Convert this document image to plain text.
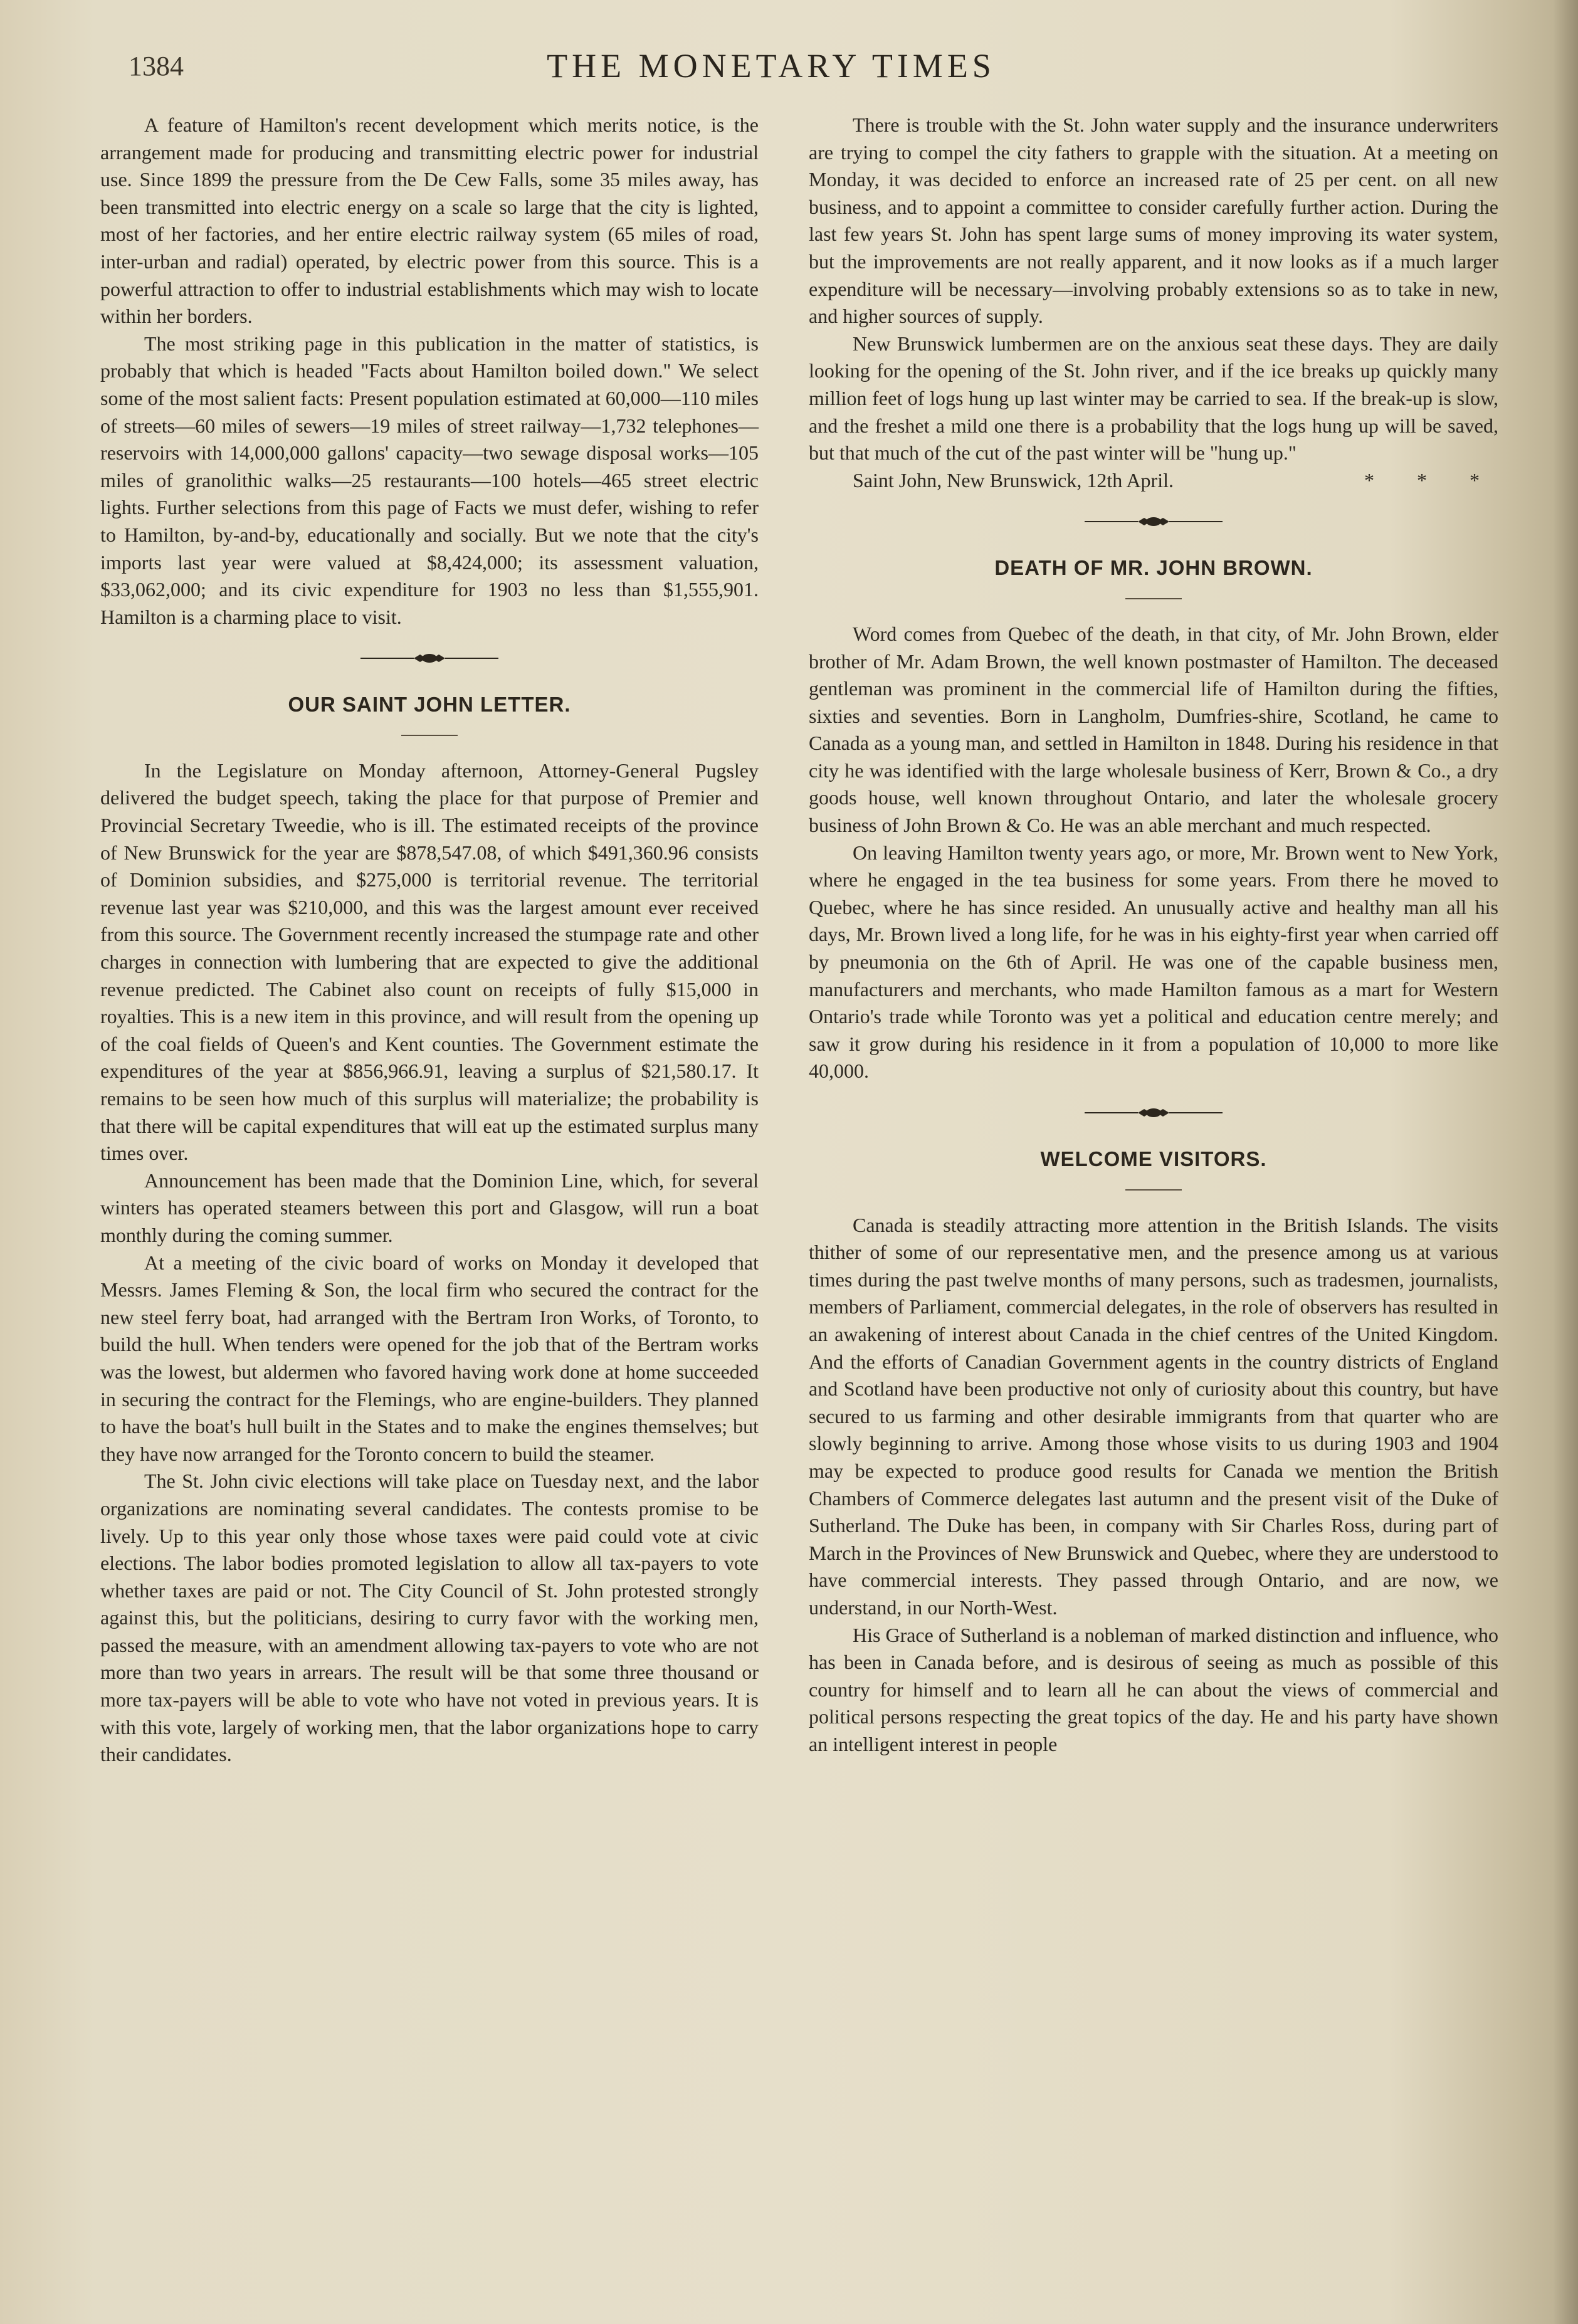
1384	THE MONETARY TIMES

A feature of Hamilton's recent development which merits notice, is the arrangement made for producing and transmitting electric power for industrial use. Since 1899 the pressure from the De Cew Falls, some 35 miles away, has been transmitted into electric energy on a scale so large that the city is lighted, most of her factories, and her entire electric railway system (65 miles of road, inter-urban and radial) operated, by electric power from this source. This is a powerful attraction to offer to industrial establishments which may wish to locate within her borders.

The most striking page in this publication in the matter of statistics, is probably that which is headed "Facts about Hamilton boiled down." We select some of the most salient facts: Present population estimated at 60,000—110 miles of streets—60 miles of sewers—19 miles of street railway—1,732 telephones—reservoirs with 14,000,000 gallons' capacity—two sewage disposal works—105 miles of granolithic walks—25 restaurants—100 hotels—465 street electric lights. Further selections from this page of Facts we must defer, wishing to refer to Hamilton, by-and-by, educationally and socially. But we note that the city's imports last year were valued at $8,424,000; its assessment valuation, $33,062,000; and its civic expenditure for 1903 no less than $1,555,901. Hamilton is a charming place to visit.

OUR SAINT JOHN LETTER.

In the Legislature on Monday afternoon, Attorney-General Pugsley delivered the budget speech, taking the place for that purpose of Premier and Provincial Secretary Tweedie, who is ill. The estimated receipts of the province of New Brunswick for the year are $878,547.08, of which $491,360.96 consists of Dominion subsidies, and $275,000 is territorial revenue. The territorial revenue last year was $210,000, and this was the largest amount ever received from this source. The Government recently increased the stumpage rate and other charges in connection with lumbering that are expected to give the additional revenue predicted. The Cabinet also count on receipts of fully $15,000 in royalties. This is a new item in this province, and will result from the opening up of the coal fields of Queen's and Kent counties. The Government estimate the expenditures of the year at $856,966.91, leaving a surplus of $21,580.17. It remains to be seen how much of this surplus will materialize; the probability is that there will be capital expenditures that will eat up the estimated surplus many times over.

Announcement has been made that the Dominion Line, which, for several winters has operated steamers between this port and Glasgow, will run a boat monthly during the coming summer.

At a meeting of the civic board of works on Monday it developed that Messrs. James Fleming & Son, the local firm who secured the contract for the new steel ferry boat, had arranged with the Bertram Iron Works, of Toronto, to build the hull. When tenders were opened for the job that of the Bertram works was the lowest, but aldermen who favored having work done at home succeeded in securing the contract for the Flemings, who are engine-builders. They planned to have the boat's hull built in the States and to make the engines themselves; but they have now arranged for the Toronto concern to build the steamer.

The St. John civic elections will take place on Tuesday next, and the labor organizations are nominating several candidates. The contests promise to be lively. Up to this year only those whose taxes were paid could vote at civic elections. The labor bodies promoted legislation to allow all tax-payers to vote whether taxes are paid or not. The City Council of St. John protested strongly against this, but the politicians, desiring to curry favor with the working men, passed the measure, with an amendment allowing tax-payers to vote who are not more than two years in arrears. The result will be that some three thousand or more tax-payers will be able to vote who have not voted in previous years. It is with this vote, largely of working men, that the labor organizations hope to carry their candidates.

There is trouble with the St. John water supply and the insurance underwriters are trying to compel the city fathers to grapple with the situation. At a meeting on Monday, it was decided to enforce an increased rate of 25 per cent. on all new business, and to appoint a committee to consider carefully further action. During the last few years St. John has spent large sums of money improving its water system, but the improvements are not really apparent, and it now looks as if a much larger expenditure will be necessary—involving probably extensions so as to take in new, and higher sources of supply.

New Brunswick lumbermen are on the anxious seat these days. They are daily looking for the opening of the St. John river, and if the ice breaks up quickly many million feet of logs hung up last winter may be carried to sea. If the break-up is slow, and the freshet a mild one there is a probability that the logs hung up will be saved, but that much of the cut of the past winter will be "hung up."

Saint John, New Brunswick, 12th April.	* * *

DEATH OF MR. JOHN BROWN.

Word comes from Quebec of the death, in that city, of Mr. John Brown, elder brother of Mr. Adam Brown, the well known postmaster of Hamilton. The deceased gentleman was prominent in the commercial life of Hamilton during the fifties, sixties and seventies. Born in Langholm, Dumfries-shire, Scotland, he came to Canada as a young man, and settled in Hamilton in 1848. During his residence in that city he was identified with the large wholesale business of Kerr, Brown & Co., a dry goods house, well known throughout Ontario, and later the wholesale grocery business of John Brown & Co. He was an able merchant and much respected.

On leaving Hamilton twenty years ago, or more, Mr. Brown went to New York, where he engaged in the tea business for some years. From there he moved to Quebec, where he has since resided. An unusually active and healthy man all his days, Mr. Brown lived a long life, for he was in his eighty-first year when carried off by pneumonia on the 6th of April. He was one of the capable business men, manufacturers and merchants, who made Hamilton famous as a mart for Western Ontario's trade while Toronto was yet a political and education centre merely; and saw it grow during his residence in it from a population of 10,000 to more like 40,000.

WELCOME VISITORS.

Canada is steadily attracting more attention in the British Islands. The visits thither of some of our representative men, and the presence among us at various times during the past twelve months of many persons, such as tradesmen, journalists, members of Parliament, commercial delegates, in the role of observers has resulted in an awakening of interest about Canada in the chief centres of the United Kingdom. And the efforts of Canadian Government agents in the country districts of England and Scotland have been productive not only of curiosity about this country, but have secured to us farming and other desirable immigrants from that quarter who are slowly beginning to arrive. Among those whose visits to us during 1903 and 1904 may be expected to produce good results for Canada we mention the British Chambers of Commerce delegates last autumn and the present visit of the Duke of Sutherland. The Duke has been, in company with Sir Charles Ross, during part of March in the Provinces of New Brunswick and Quebec, where they are understood to have commercial interests. They passed through Ontario, and are now, we understand, in our North-West.

His Grace of Sutherland is a nobleman of marked distinction and influence, who has been in Canada before, and is desirous of seeing as much as possible of this country for himself and to learn all he can about the views of commercial and political persons respecting the great topics of the day. He and his party have shown an intelligent interest in people
